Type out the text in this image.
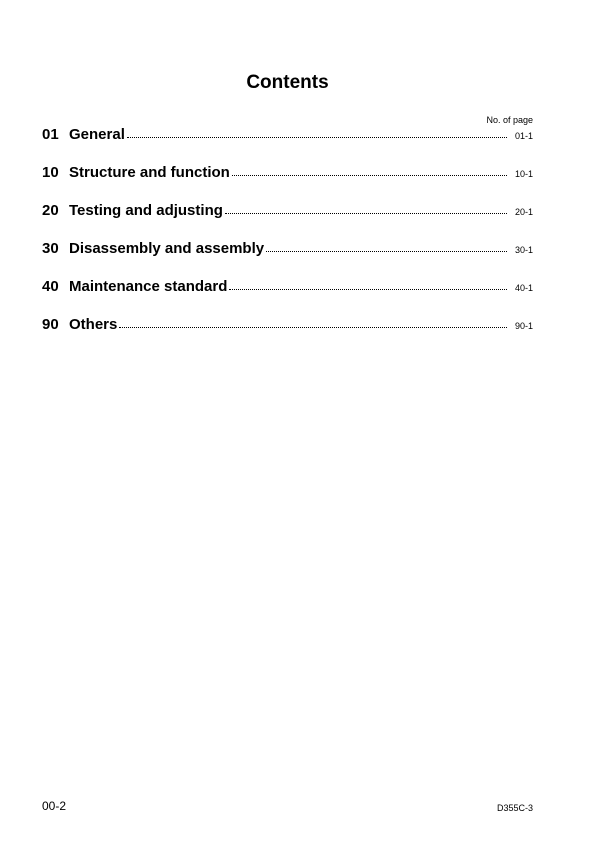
Contents
No. of page
01 General	01-1
10 Structure and function	10-1
20 Testing and adjusting	20-1
30 Disassembly and assembly	30-1
40 Maintenance standard	40-1
90 Others	90-1
00-2	D355C-3
